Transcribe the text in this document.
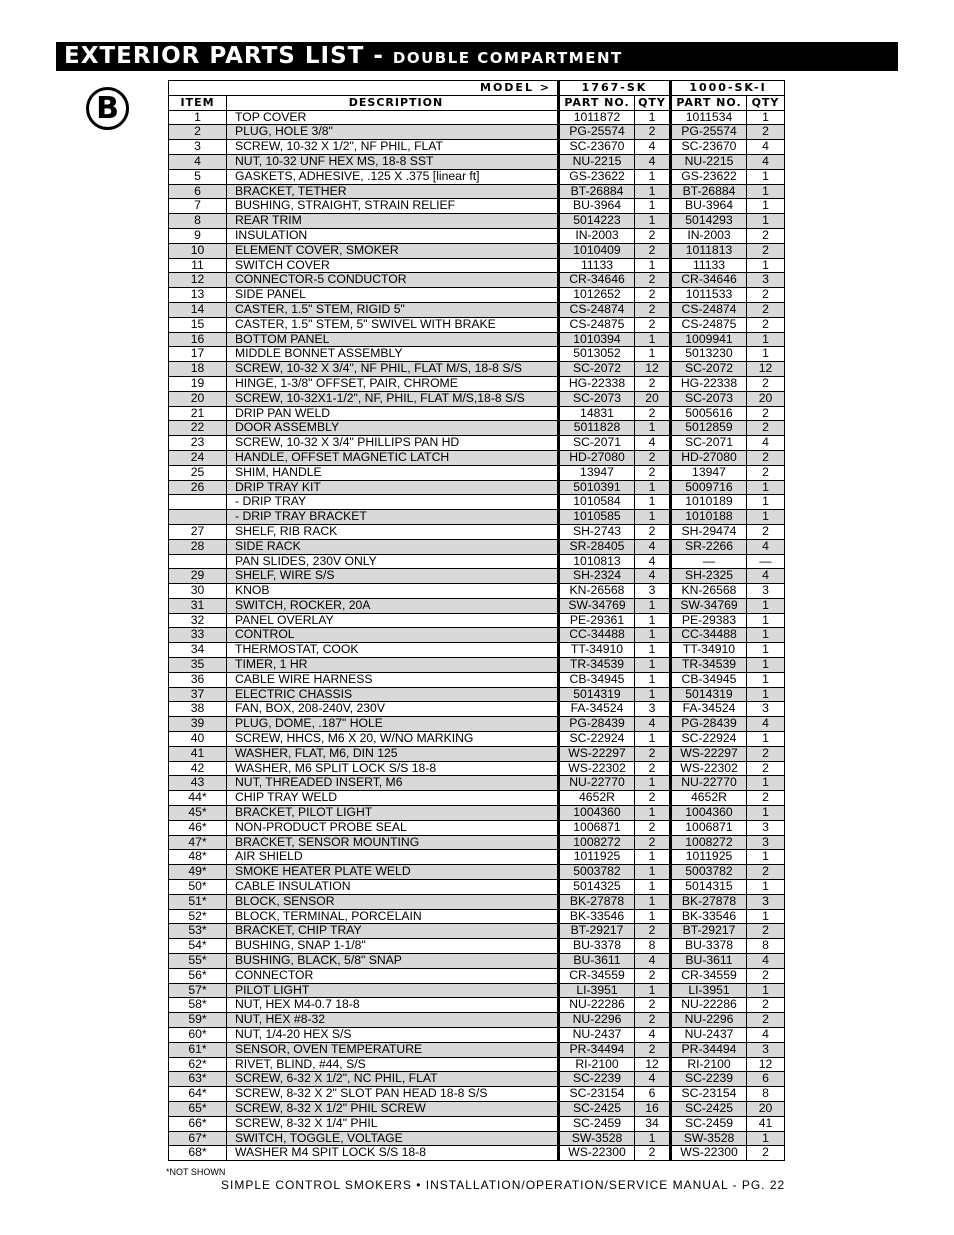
EXTERIOR PARTS LIST - DOUBLE COMPARTMENT
B
MODEL >		1767-SK		1000-SK-I	
ITEM	DESCRIPTION	PART NO.	QTY	PART NO.	QTY
1	TOP COVER	1011872	1	1011534	1
2	PLUG, HOLE 3/8"	PG-25574	2	PG-25574	2
3	SCREW, 10-32 X 1/2", NF PHIL, FLAT	SC-23670	4	SC-23670	4
4	NUT, 10-32 UNF HEX MS, 18-8 SST	NU-2215	4	NU-2215	4
5	GASKETS, ADHESIVE, .125 X .375 [linear ft]	GS-23622	1	GS-23622	1
6	BRACKET, TETHER	BT-26884	1	BT-26884	1
7	BUSHING, STRAIGHT, STRAIN RELIEF	BU-3964	1	BU-3964	1
8	REAR TRIM	5014223	1	5014293	1
9	INSULATION	IN-2003	2	IN-2003	2
10	ELEMENT COVER, SMOKER	1010409	2	1011813	2
11	SWITCH COVER	11133	1	11133	1
12	CONNECTOR-5 CONDUCTOR	CR-34646	2	CR-34646	3
13	SIDE PANEL	1012652	2	1011533	2
14	CASTER, 1.5" STEM, RIGID 5"	CS-24874	2	CS-24874	2
15	CASTER, 1.5" STEM, 5" SWIVEL WITH BRAKE	CS-24875	2	CS-24875	2
16	BOTTOM PANEL	1010394	1	1009941	1
17	MIDDLE BONNET ASSEMBLY	5013052	1	5013230	1
18	SCREW, 10-32 X 3/4", NF PHIL, FLAT M/S, 18-8 S/S	SC-2072	12	SC-2072	12
19	HINGE, 1-3/8" OFFSET, PAIR, CHROME	HG-22338	2	HG-22338	2
20	SCREW, 10-32X1-1/2", NF, PHIL, FLAT M/S,18-8 S/S	SC-2073	20	SC-2073	20
21	DRIP PAN WELD	14831	2	5005616	2
22	DOOR ASSEMBLY	5011828	1	5012859	2
23	SCREW, 10-32 X 3/4" PHILLIPS PAN HD	SC-2071	4	SC-2071	4
24	HANDLE, OFFSET MAGNETIC LATCH	HD-27080	2	HD-27080	2
25	SHIM, HANDLE	13947	2	13947	2
26	DRIP TRAY KIT	5010391	1	5009716	1
	- DRIP TRAY	1010584	1	1010189	1
	- DRIP TRAY BRACKET	1010585	1	1010188	1
27	SHELF, RIB RACK	SH-2743	2	SH-29474	2
28	SIDE RACK	SR-28405	4	SR-2266	4
	PAN SLIDES, 230V ONLY	1010813	4	—	—
29	SHELF, WIRE S/S	SH-2324	4	SH-2325	4
30	KNOB	KN-26568	3	KN-26568	3
31	SWITCH, ROCKER, 20A	SW-34769	1	SW-34769	1
32	PANEL OVERLAY	PE-29361	1	PE-29383	1
33	CONTROL	CC-34488	1	CC-34488	1
34	THERMOSTAT, COOK	TT-34910	1	TT-34910	1
35	TIMER, 1 HR	TR-34539	1	TR-34539	1
36	CABLE WIRE HARNESS	CB-34945	1	CB-34945	1
37	ELECTRIC CHASSIS	5014319	1	5014319	1
38	FAN, BOX, 208-240V, 230V	FA-34524	3	FA-34524	3
39	PLUG, DOME, .187" HOLE	PG-28439	4	PG-28439	4
40	SCREW, HHCS, M6 X 20, W/NO MARKING	SC-22924	1	SC-22924	1
41	WASHER, FLAT, M6, DIN 125	WS-22297	2	WS-22297	2
42	WASHER, M6 SPLIT LOCK S/S 18-8	WS-22302	2	WS-22302	2
43	NUT, THREADED INSERT, M6	NU-22770	1	NU-22770	1
44*	CHIP TRAY WELD	4652R	2	4652R	2
45*	BRACKET, PILOT LIGHT	1004360	1	1004360	1
46*	NON-PRODUCT PROBE SEAL	1006871	2	1006871	3
47*	BRACKET, SENSOR MOUNTING	1008272	2	1008272	3
48*	AIR SHIELD	1011925	1	1011925	1
49*	SMOKE HEATER PLATE WELD	5003782	1	5003782	2
50*	CABLE INSULATION	5014325	1	5014315	1
51*	BLOCK, SENSOR	BK-27878	1	BK-27878	3
52*	BLOCK, TERMINAL, PORCELAIN	BK-33546	1	BK-33546	1
53*	BRACKET, CHIP TRAY	BT-29217	2	BT-29217	2
54*	BUSHING, SNAP 1-1/8"	BU-3378	8	BU-3378	8
55*	BUSHING, BLACK, 5/8" SNAP	BU-3611	4	BU-3611	4
56*	CONNECTOR	CR-34559	2	CR-34559	2
57*	PILOT LIGHT	LI-3951	1	LI-3951	1
58*	NUT, HEX M4-0.7 18-8	NU-22286	2	NU-22286	2
59*	NUT, HEX #8-32	NU-2296	2	NU-2296	2
60*	NUT, 1/4-20 HEX S/S	NU-2437	4	NU-2437	4
61*	SENSOR, OVEN TEMPERATURE	PR-34494	2	PR-34494	3
62*	RIVET, BLIND, #44, S/S	RI-2100	12	RI-2100	12
63*	SCREW, 6-32 X 1/2", NC PHIL, FLAT	SC-2239	4	SC-2239	6
64*	SCREW, 8-32 X 2" SLOT PAN HEAD 18-8 S/S	SC-23154	6	SC-23154	8
65*	SCREW, 8-32 X 1/2" PHIL SCREW	SC-2425	16	SC-2425	20
66*	SCREW, 8-32 X 1/4" PHIL	SC-2459	34	SC-2459	41
67*	SWITCH, TOGGLE, VOLTAGE	SW-3528	1	SW-3528	1
68*	WASHER M4 SPIT LOCK S/S 18-8	WS-22300	2	WS-22300	2
*NOT SHOWN
SIMPLE CONTROL SMOKERS • INSTALLATION/OPERATION/SERVICE MANUAL - PG. 22
